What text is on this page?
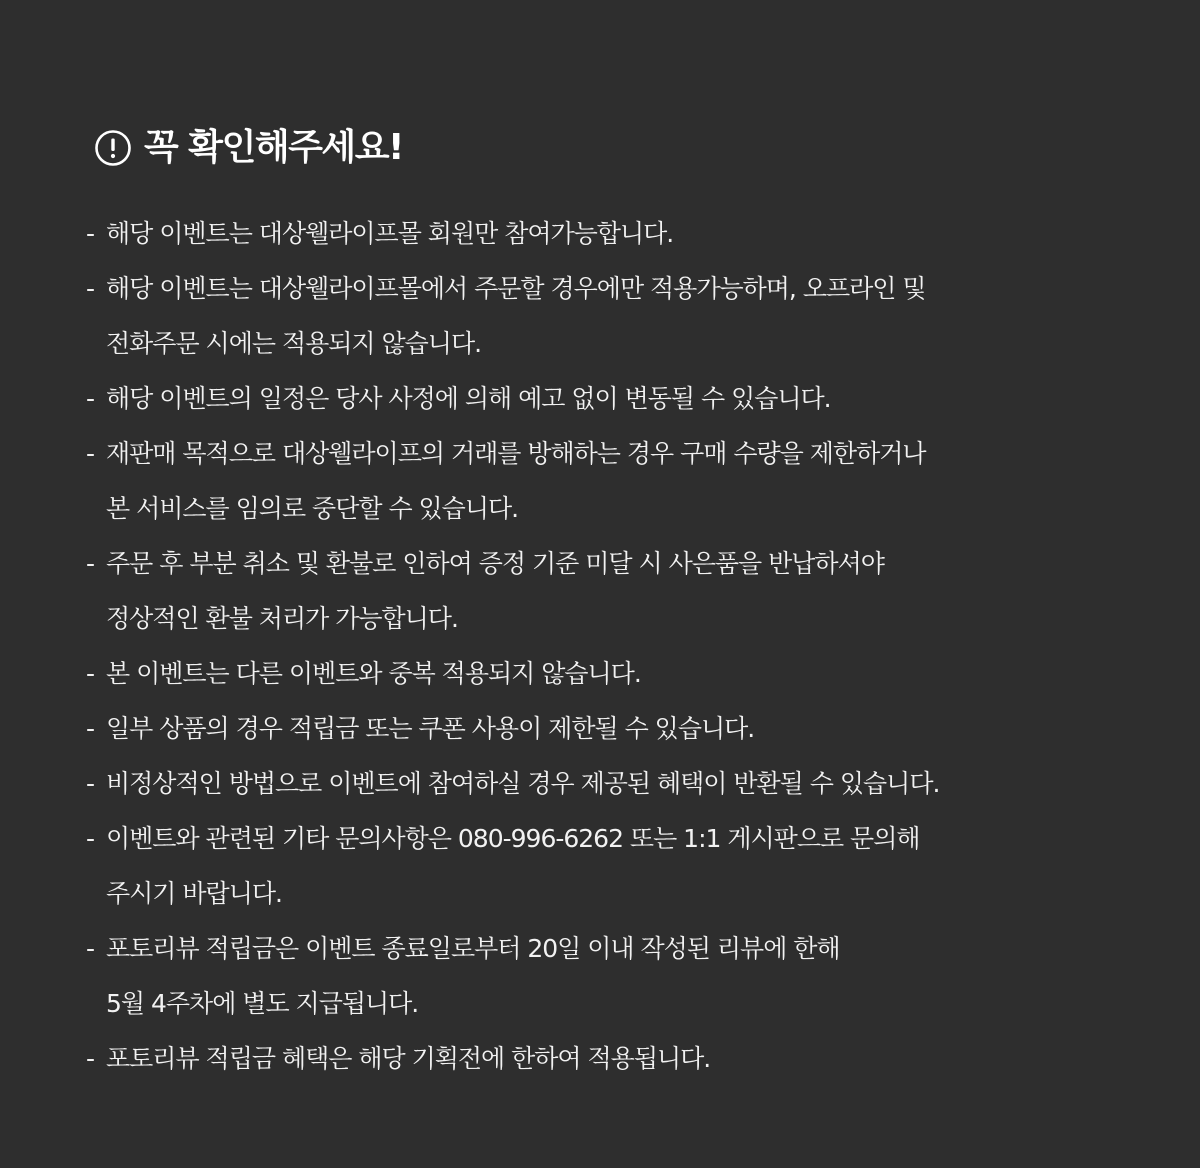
꼭 확인해주세요!
- 해당 이벤트는 대상웰라이프몰 회원만 참여가능합니다.
- 해당 이벤트는 대상웰라이프몰에서 주문할 경우에만 적용가능하며, 오프라인 및
전화주문 시에는 적용되지 않습니다.
- 해당 이벤트의 일정은 당사 사정에 의해 예고 없이 변동될 수 있습니다.
- 재판매 목적으로 대상웰라이프의 거래를 방해하는 경우 구매 수량을 제한하거나
본 서비스를 임의로 중단할 수 있습니다.
- 주문 후 부분 취소 및 환불로 인하여 증정 기준 미달 시 사은품을 반납하셔야
정상적인 환불 처리가 가능합니다.
- 본 이벤트는 다른 이벤트와 중복 적용되지 않습니다.
- 일부 상품의 경우 적립금 또는 쿠폰 사용이 제한될 수 있습니다.
- 비정상적인 방법으로 이벤트에 참여하실 경우 제공된 혜택이 반환될 수 있습니다.
- 이벤트와 관련된 기타 문의사항은 080-996-6262 또는 1:1 게시판으로 문의해
주시기 바랍니다.
- 포토리뷰 적립금은 이벤트 종료일로부터 20일 이내 작성된 리뷰에 한해
5월 4주차에 별도 지급됩니다.
- 포토리뷰 적립금 혜택은 해당 기획전에 한하여 적용됩니다.
